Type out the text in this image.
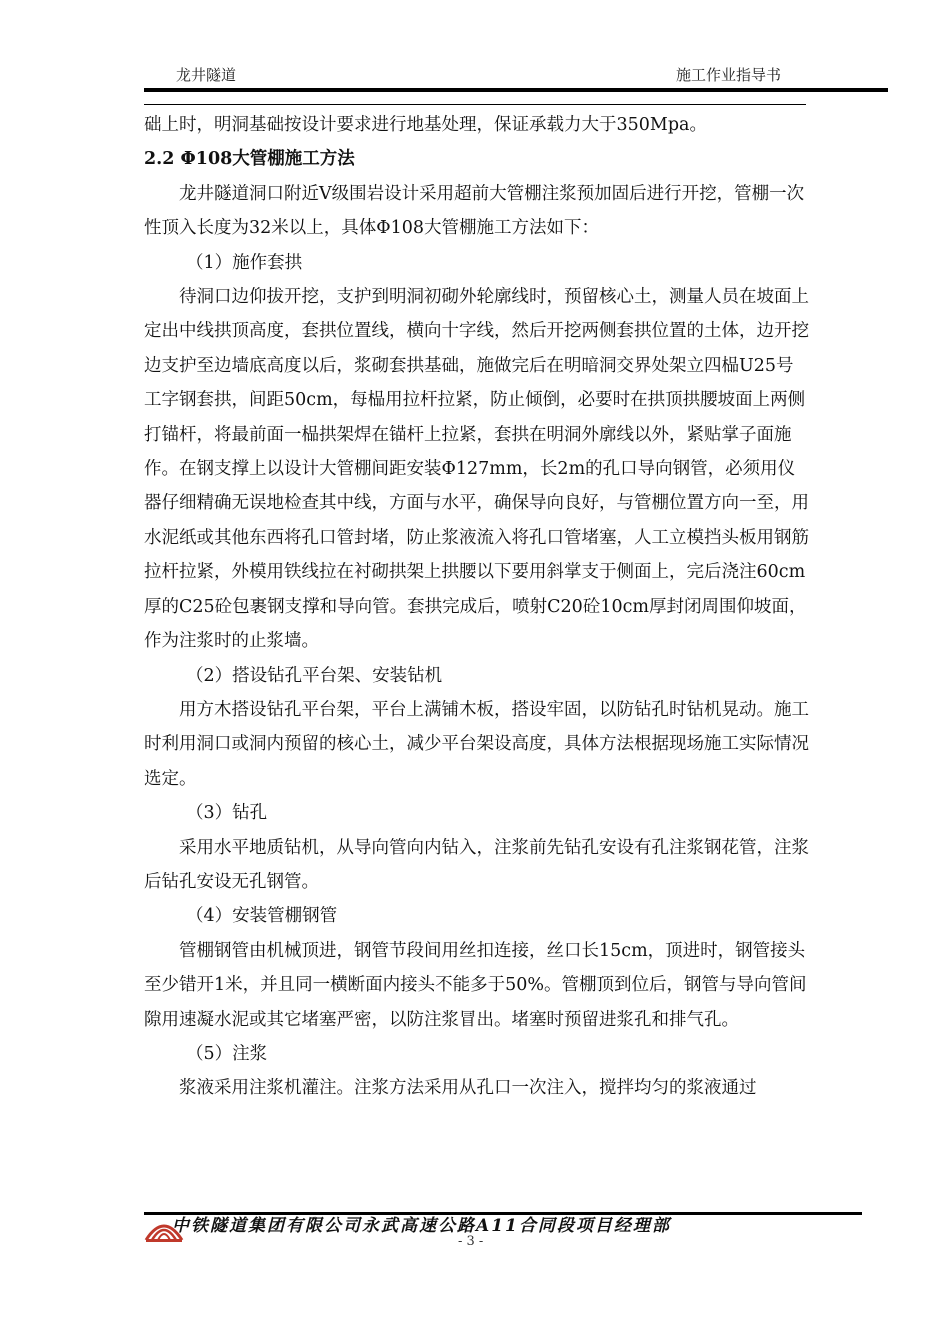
龙井隧道	施工作业指导书

础上时，明洞基础按设计要求进行地基处理，保证承载力大于350Mpa。

2.2 Φ108大管棚施工方法

龙井隧道洞口附近Ⅴ级围岩设计采用超前大管棚注浆预加固后进行开挖，管棚一次性顶入长度为32米以上，具体Φ108大管棚施工方法如下：

（1）施作套拱

待洞口边仰拔开挖，支护到明洞初砌外轮廓线时，预留核心土，测量人员在坡面上定出中线拱顶高度，套拱位置线，横向十字线，然后开挖两侧套拱位置的土体，边开挖边支护至边墙底高度以后，浆砌套拱基础，施做完后在明暗洞交界处架立四榀U25号工字钢套拱，间距50cm，每榀用拉杆拉紧，防止倾倒，必要时在拱顶拱腰坡面上两侧打锚杆，将最前面一榀拱架焊在锚杆上拉紧，套拱在明洞外廓线以外，紧贴掌子面施作。在钢支撑上以设计大管棚间距安装Φ127mm，长2m的孔口导向钢管，必须用仪器仔细精确无误地检查其中线，方面与水平，确保导向良好，与管棚位置方向一至，用水泥纸或其他东西将孔口管封堵，防止浆液流入将孔口管堵塞，人工立模挡头板用钢筋拉杆拉紧，外模用铁线拉在衬砌拱架上拱腰以下要用斜掌支于侧面上，完后浇注60cm厚的C25砼包裹钢支撑和导向管。套拱完成后，喷射C20砼10cm厚封闭周围仰坡面，作为注浆时的止浆墙。

（2）搭设钻孔平台架、安装钻机

用方木搭设钻孔平台架，平台上满铺木板，搭设牢固，以防钻孔时钻机晃动。施工时利用洞口或洞内预留的核心土，减少平台架设高度，具体方法根据现场施工实际情况选定。

（3）钻孔

采用水平地质钻机，从导向管向内钻入，注浆前先钻孔安设有孔注浆钢花管，注浆后钻孔安设无孔钢管。

（4）安装管棚钢管

管棚钢管由机械顶进，钢管节段间用丝扣连接，丝口长15cm，顶进时，钢管接头至少错开1米，并且同一横断面内接头不能多于50%。管棚顶到位后，钢管与导向管间隙用速凝水泥或其它堵塞严密，以防注浆冒出。堵塞时预留进浆孔和排气孔。

（5）注浆

浆液采用注浆机灌注。注浆方法采用从孔口一次注入，搅拌均匀的浆液通过

中铁隧道集团有限公司永武高速公路A11合同段项目经理部
- 3 -
